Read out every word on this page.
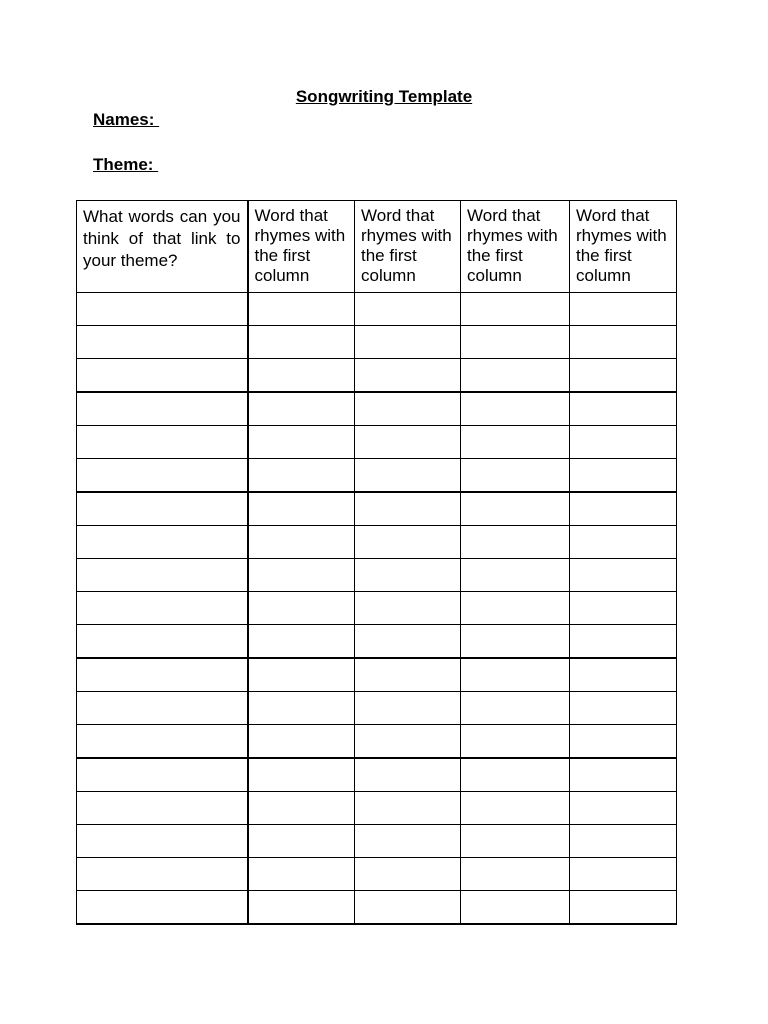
Songwriting Template
Names:
Theme:
What words can you think of that link to your theme?	Word that rhymes with the first column	Word that rhymes with the first column	Word that rhymes with the first column	Word that rhymes with the first column
